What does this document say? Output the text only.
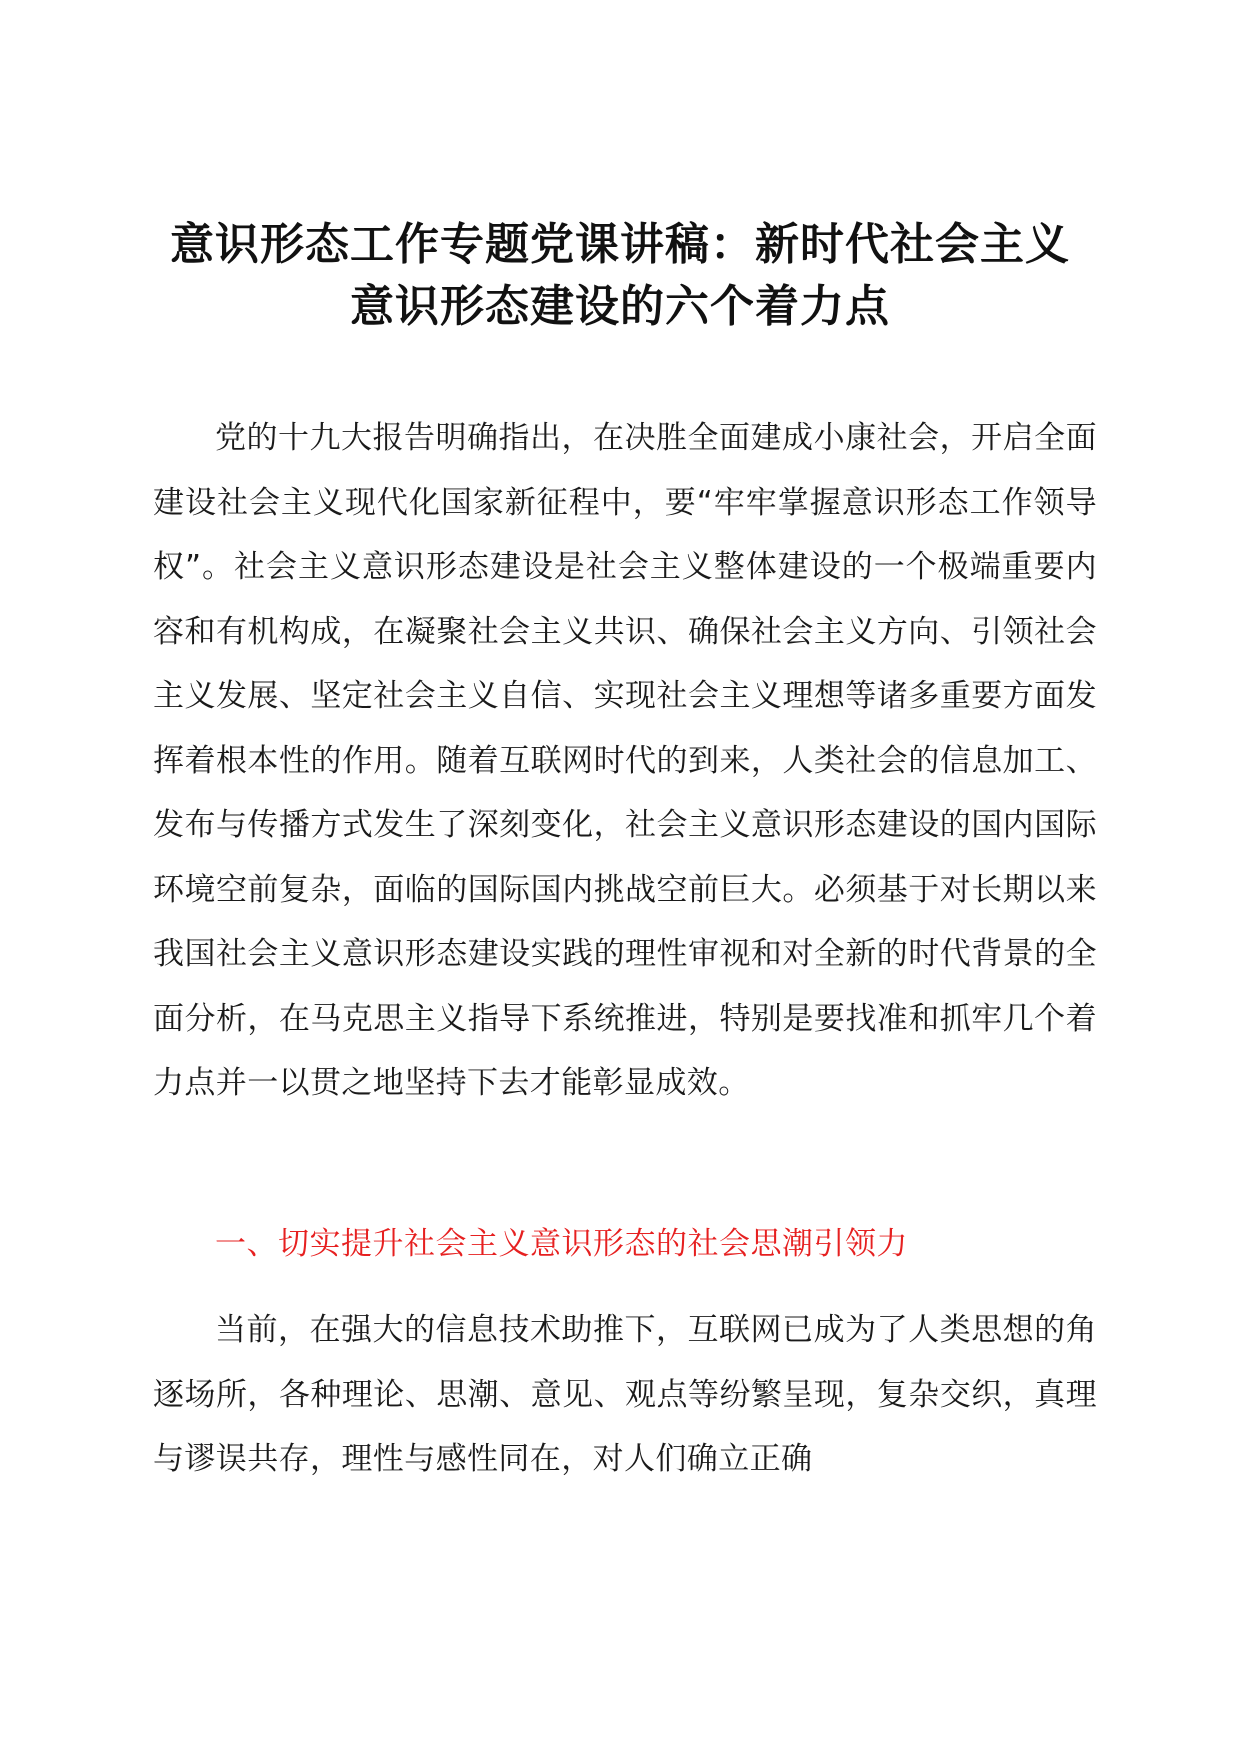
意识形态工作专题党课讲稿：新时代社会主义
意识形态建设的六个着力点

党的十九大报告明确指出，在决胜全面建成小康社会，开启全面建设社会主义现代化国家新征程中，要“牢牢掌握意识形态工作领导权”。社会主义意识形态建设是社会主义整体建设的一个极端重要内容和有机构成，在凝聚社会主义共识、确保社会主义方向、引领社会主义发展、坚定社会主义自信、实现社会主义理想等诸多重要方面发挥着根本性的作用。随着互联网时代的到来，人类社会的信息加工、发布与传播方式发生了深刻变化，社会主义意识形态建设的国内国际环境空前复杂，面临的国际国内挑战空前巨大。必须基于对长期以来我国社会主义意识形态建设实践的理性审视和对全新的时代背景的全面分析，在马克思主义指导下系统推进，特别是要找准和抓牢几个着力点并一以贯之地坚持下去才能彰显成效。

一、切实提升社会主义意识形态的社会思潮引领力

当前，在强大的信息技术助推下，互联网已成为了人类思想的角逐场所，各种理论、思潮、意见、观点等纷繁呈现，复杂交织，真理与谬误共存，理性与感性同在，对人们确立正确
